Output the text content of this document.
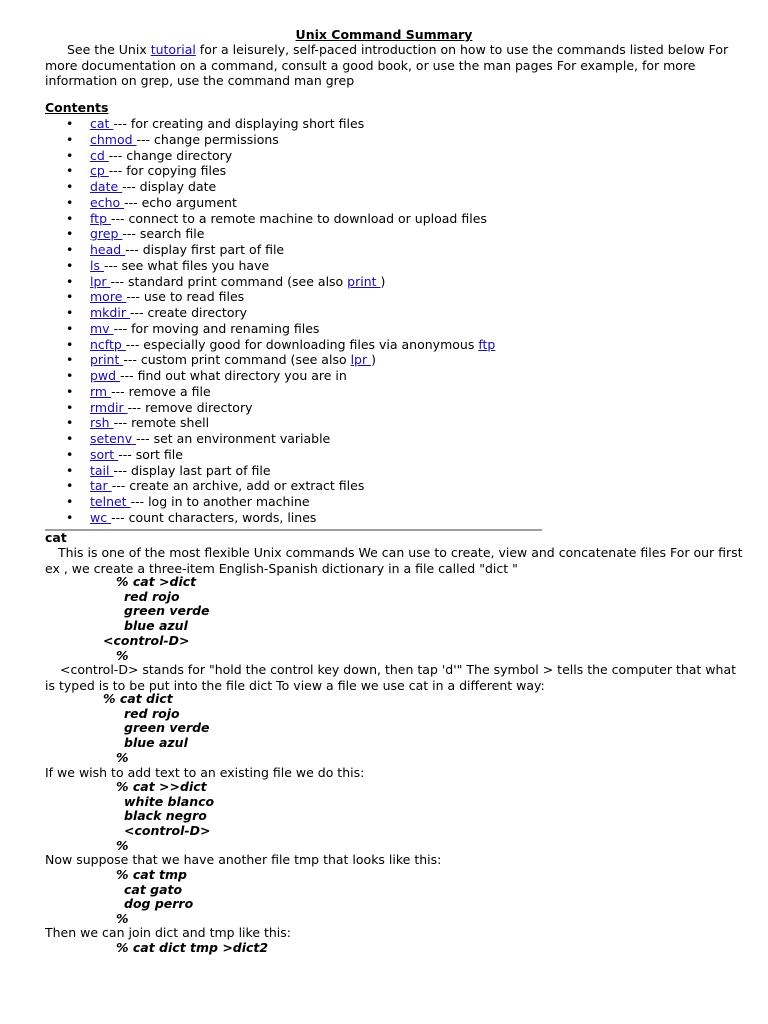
Unix Command Summary
See the Unix tutorial for a leisurely, self-paced introduction on how to use the commands listed below For more documentation on a command, consult a good book, or use the man pages For example, for more information on grep, use the command man grep
Contents
• cat --- for creating and displaying short files
• chmod --- change permissions
• cd --- change directory
• cp --- for copying files
• date --- display date
• echo --- echo argument
• ftp --- connect to a remote machine to download or upload files
• grep --- search file
• head --- display first part of file
• ls --- see what files you have
• lpr --- standard print command (see also print )
• more --- use to read files
• mkdir --- create directory
• mv --- for moving and renaming files
• ncftp --- especially good for downloading files via anonymous ftp
• print --- custom print command (see also lpr )
• pwd --- find out what directory you are in
• rm --- remove a file
• rmdir --- remove directory
• rsh --- remote shell
• setenv --- set an environment variable
• sort --- sort file
• tail --- display last part of file
• tar --- create an archive, add or extract files
• telnet --- log in to another machine
• wc --- count characters, words, lines
cat
This is one of the most flexible Unix commands We can use to create, view and concatenate files For our first ex , we create a three-item English-Spanish dictionary in a file called "dict "
% cat >dict
red rojo
green verde
blue azul
<control-D>
%
<control-D> stands for "hold the control key down, then tap 'd'" The symbol > tells the computer that what is typed is to be put into the file dict To view a file we use cat in a different way:
% cat dict
red rojo
green verde
blue azul
%
If we wish to add text to an existing file we do this:
% cat >>dict
white blanco
black negro
<control-D>
%
Now suppose that we have another file tmp that looks like this:
% cat tmp
cat gato
dog perro
%
Then we can join dict and tmp like this:
% cat dict tmp >dict2
